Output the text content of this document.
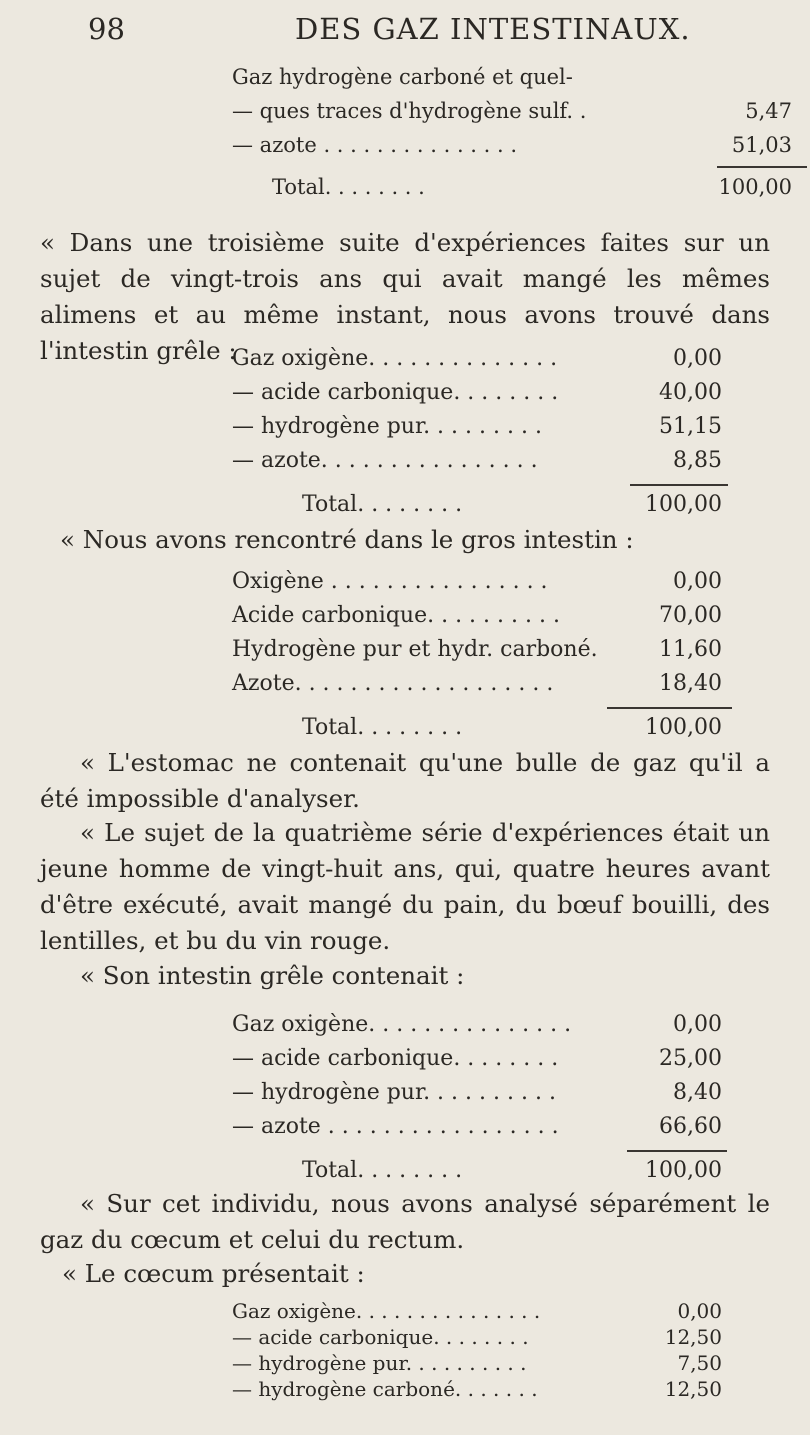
98	DES GAZ INTESTINAUX.
Gaz hydrogène carboné et quel-
— ques traces d'hydrogène sulf. .	5,47
— azote . . . . . . . . . . . . . . .	51,03
Total. . . . . . . .	100,00

« Dans une troisième suite d'expériences faites sur un sujet de vingt-trois ans qui avait mangé les mêmes alimens et au même instant, nous avons trouvé dans l'intestin grêle :

Gaz oxigène. . . . . . . . . . . . . .	0,00
— acide carbonique. . . . . . . .	40,00
— hydrogène pur. . . . . . . . .	51,15
— azote. . . . . . . . . . . . . . . .	8,85
Total. . . . . . . .	100,00

« Nous avons rencontré dans le gros intestin :

Oxigène . . . . . . . . . . . . . . . .	0,00
Acide carbonique. . . . . . . . . .	70,00
Hydrogène pur et hydr. carboné.	11,60
Azote. . . . . . . . . . . . . . . . . . .	18,40
Total. . . . . . . .	100,00

« L'estomac ne contenait qu'une bulle de gaz qu'il a été impossible d'analyser.

« Le sujet de la quatrième série d'expériences était un jeune homme de vingt-huit ans, qui, quatre heures avant d'être exécuté, avait mangé du pain, du bœuf bouilli, des lentilles, et bu du vin rouge.

« Son intestin grêle contenait :

Gaz oxigène. . . . . . . . . . . . . . .	0,00
— acide carbonique. . . . . . . .	25,00
— hydrogène pur. . . . . . . . . .	8,40
— azote . . . . . . . . . . . . . . . . .	66,60
Total. . . . . . . .	100,00

« Sur cet individu, nous avons analysé séparément le gaz du cœcum et celui du rectum.

« Le cœcum présentait :

Gaz oxigène. . . . . . . . . . . . . . .	0,00
— acide carbonique. . . . . . . .	12,50
— hydrogène pur. . . . . . . . . .	7,50
— hydrogène carboné. . . . . . .	12,50
